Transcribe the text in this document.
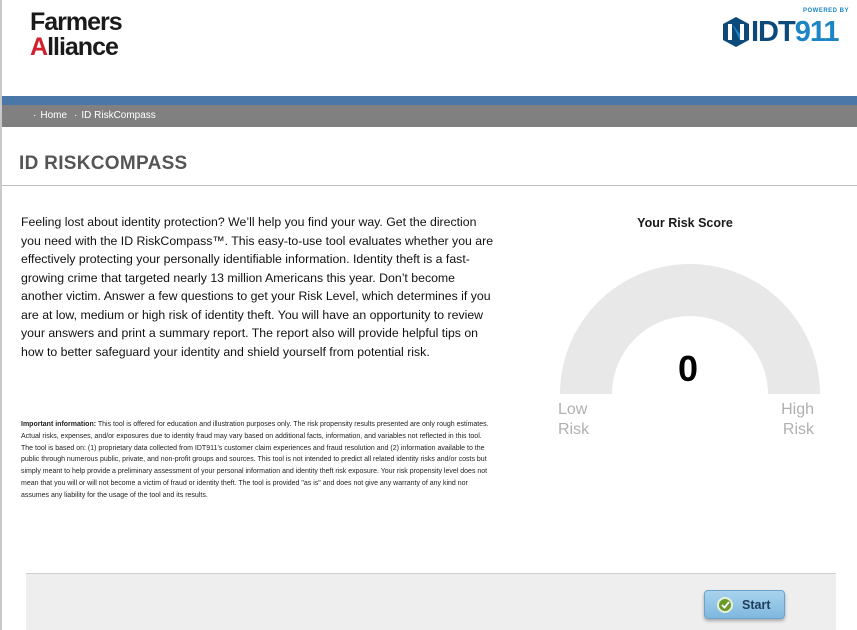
Farmers
Alliance
POWERED BY
IDT911
· Home · ID RiskCompass
ID RISKCOMPASS

Feeling lost about identity protection? We’ll help you find your way. Get the direction you need with the ID RiskCompass™. This easy-to-use tool evaluates whether you are effectively protecting your personally identifiable information. Identity theft is a fast-growing crime that targeted nearly 13 million Americans this year. Don’t become another victim. Answer a few questions to get your Risk Level, which determines if you are at low, medium or high risk of identity theft. You will have an opportunity to review your answers and print a summary report. The report also will provide helpful tips on how to better safeguard your identity and shield yourself from potential risk.

Important information: This tool is offered for education and illustration purposes only. The risk propensity results presented are only rough estimates. Actual risks, expenses, and/or exposures due to identity fraud may vary based on additional facts, information, and variables not reflected in this tool. The tool is based on: (1) proprietary data collected from IDT911’s customer claim experiences and fraud resolution and (2) information available to the public through numerous public, private, and non-profit groups and sources. This tool is not intended to predict all related identity risks and/or costs but simply meant to help provide a preliminary assessment of your personal information and identity theft risk exposure. Your risk propensity level does not mean that you will or will not become a victim of fraud or identity theft. The tool is provided "as is" and does not give any warranty of any kind nor assumes any liability for the usage of the tool and its results.

Your Risk Score
0
Low
Risk
High
Risk
Start
